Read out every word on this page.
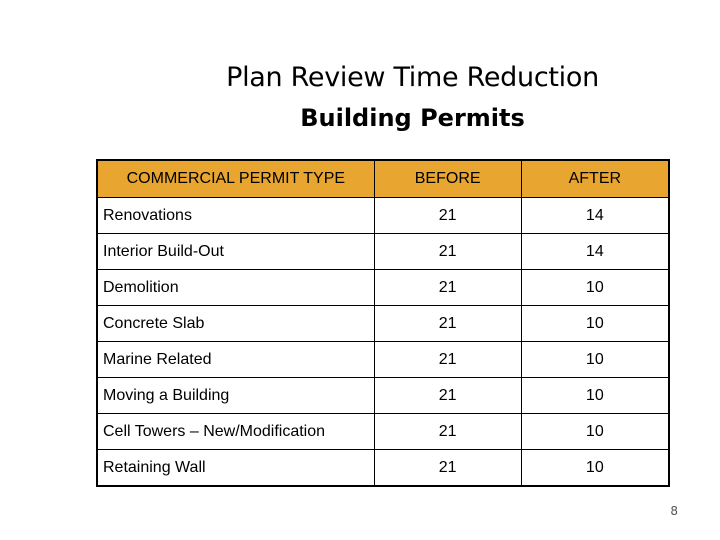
Plan Review Time Reduction
Building Permits
COMMERCIAL PERMIT TYPE	BEFORE	AFTER
Renovations	21	14
Interior Build-Out	21	14
Demolition	21	10
Concrete Slab	21	10
Marine Related	21	10
Moving a Building	21	10
Cell Towers – New/Modification	21	10
Retaining Wall	21	10
8
